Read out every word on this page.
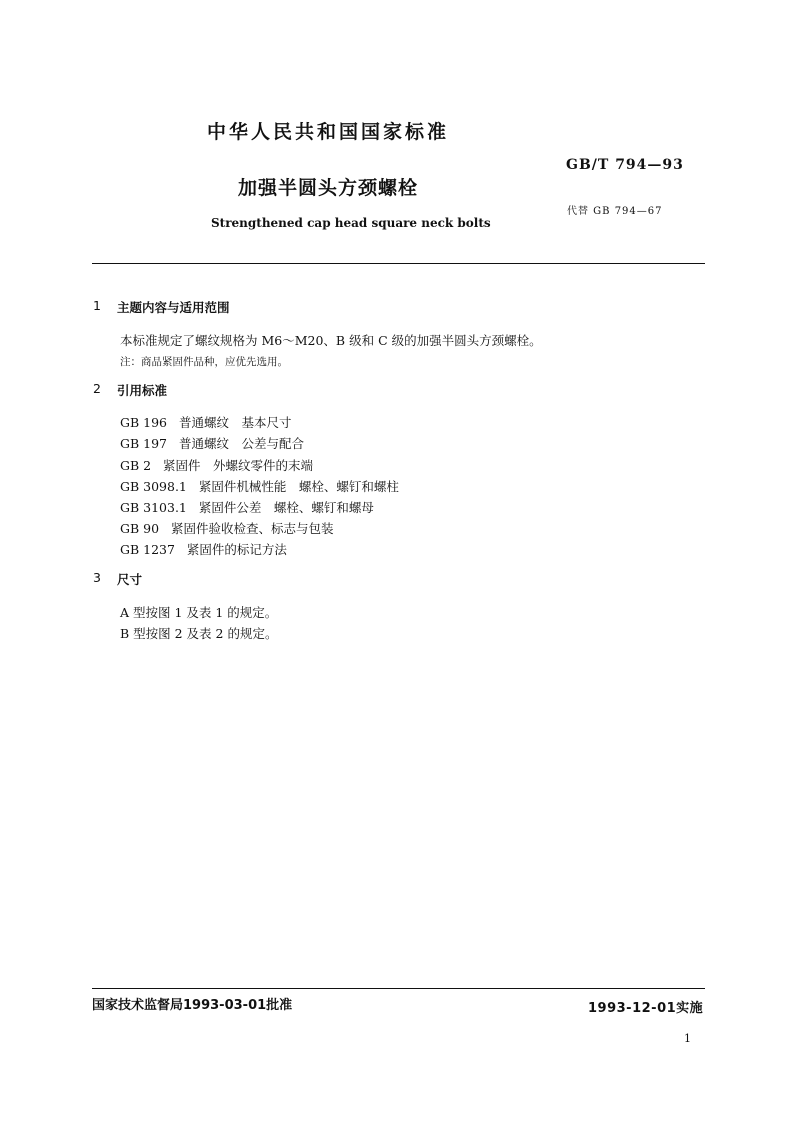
中华人民共和国国家标准
GB/T 794—93
加强半圆头方颈螺栓
代替 GB 794—67
Strengthened cap head square neck bolts
1 主题内容与适用范围
本标准规定了螺纹规格为 M6～M20、B 级和 C 级的加强半圆头方颈螺栓。
注：商品紧固件品种，应优先选用。
2 引用标准
GB 196 普通螺纹　基本尺寸
GB 197 普通螺纹　公差与配合
GB 2 紧固件　外螺纹零件的末端
GB 3098.1 紧固件机械性能　螺栓、螺钉和螺柱
GB 3103.1 紧固件公差　螺栓、螺钉和螺母
GB 90 紧固件验收检查、标志与包装
GB 1237 紧固件的标记方法
3 尺寸
A 型按图 1 及表 1 的规定。
B 型按图 2 及表 2 的规定。
国家技术监督局1993-03-01批准	1993-12-01实施
1
